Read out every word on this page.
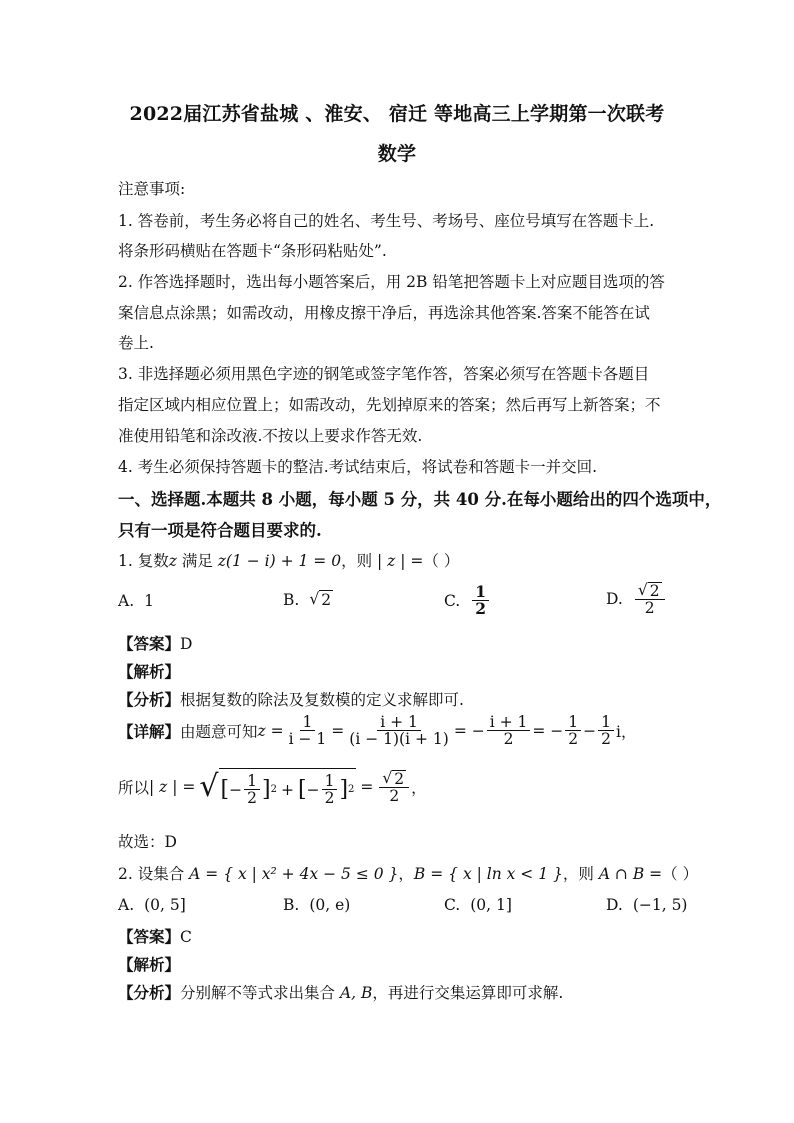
2022届江苏省盐城 、淮安、 宿迁 等地高三上学期第一次联考
数学
注意事项:
1. 答卷前，考生务必将自己的姓名、考生号、考场号、座位号填写在答题卡上.
将条形码横贴在答题卡“条形码粘贴处”.
2. 作答选择题时，选出每小题答案后，用 2B 铅笔把答题卡上对应题目选项的答
案信息点涂黑；如需改动，用橡皮擦干净后，再选涂其他答案.答案不能答在试
卷上.
3. 非选择题必须用黑色字迹的钢笔或签字笔作答，答案必须写在答题卡各题目
指定区域内相应位置上；如需改动，先划掉原来的答案；然后再写上新答案；不
准使用铅笔和涂改液.不按以上要求作答无效.
4. 考生必须保持答题卡的整洁.考试结束后，将试卷和答题卡一并交回.
一、选择题.本题共 8 小题，每小题 5 分，共 40 分.在每小题给出的四个选项中，
只有一项是符合题目要求的.
1. 复数z 满足 z(1 − i) + 1 = 0，则 | z | =（ ）
A. 1	B. √ 2	C. $\frac{1}{2}$	D. $\frac{√ 2}{2}$
【答案】D
【解析】
【分析】根据复数的除法及复数模的定义求解即可.
【详解】 由题意可知 $z = \frac{1}{i - 1} = \frac{i + 1}{(i - 1)(i + 1)}$ = − $\frac{i + 1}{2}$ = − $\frac{1}{2} - \frac{1}{2}$ i，
所以 | z | = √ [ − $\frac{1}{2}$ ] 2 + [ − $\frac{1}{2}$ ] $2 = \frac{√ 2}{2}$ ，
故选：D
2. 设集合 A = { x | x² + 4x − 5 ≤ 0 }，B = { x | ln x < 1 }，则 A ∩ B =（ ）
A. (0, 5]	B. (0, e)	C. (0, 1]	D. (−1, 5)
【答案】C
【解析】
【分析】分别解不等式求出集合 A, B，再进行交集运算即可求解.
